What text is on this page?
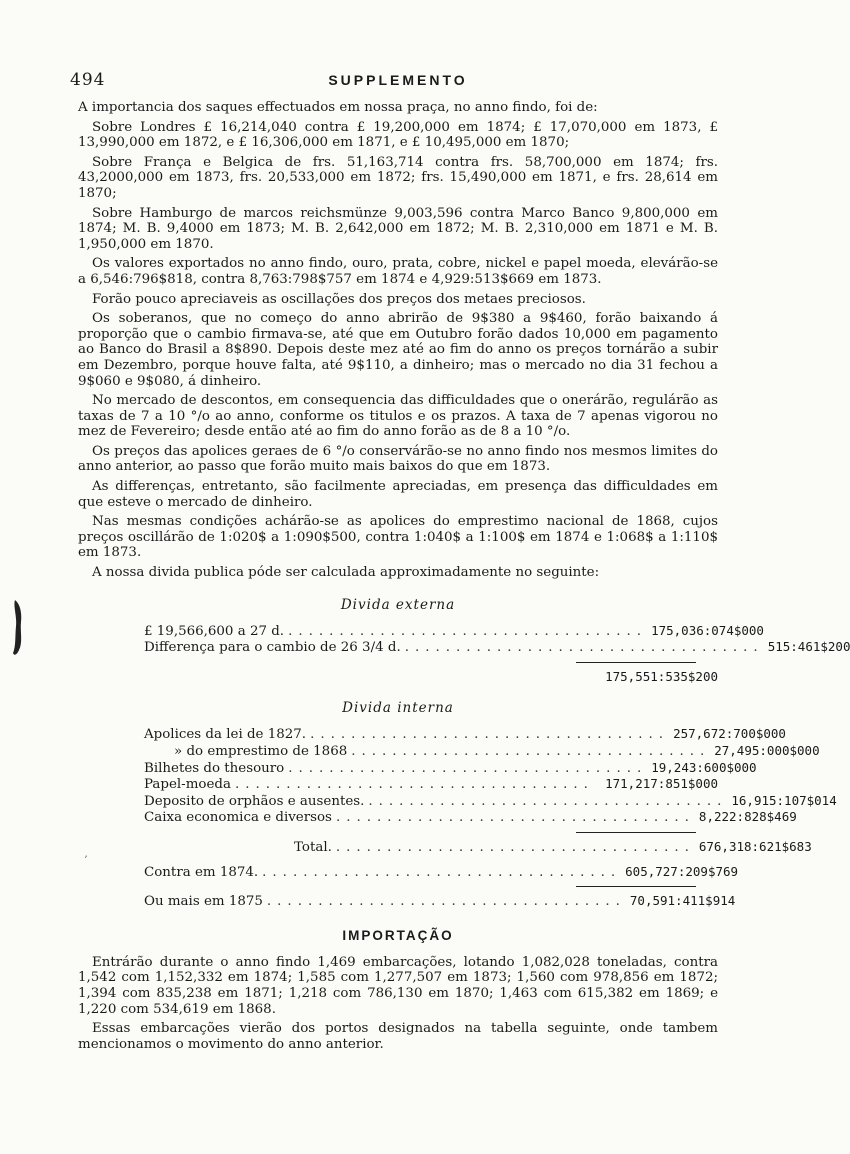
ʼ
494	SUPPLEMENTO

A importancia dos saques effectuados em nossa praça, no anno findo, foi de:

Sobre Londres £ 16,214,040 contra £ 19,200,000 em 1874; £ 17,070,000 em 1873, £ 13,990,000 em 1872, e £ 16,306,000 em 1871, e £ 10,495,000 em 1870;

Sobre França e Belgica de frs. 51,163,714 contra frs. 58,700,000 em 1874; frs. 43,2000,000 em 1873, frs. 20,533,000 em 1872; frs. 15,490,000 em 1871, e frs. 28,614 em 1870;

Sobre Hamburgo de marcos reichsmünze 9,003,596 contra Marco Banco 9,800,000 em 1874; M. B. 9,4000 em 1873; M. B. 2,642,000 em 1872; M. B. 2,310,000 em 1871 e M. B. 1,950,000 em 1870.

Os valores exportados no anno findo, ouro, prata, cobre, nickel e papel moeda, elevárão-se a 6,546:796$818, contra 8,763:798$757 em 1874 e 4,929:513$669 em 1873.

Forão pouco apreciaveis as oscillações dos preços dos metaes preciosos.

Os soberanos, que no começo do anno abrirão de 9$380 a 9$460, forão baixando á proporção que o cambio firmava-se, até que em Outubro forão dados 10,000 em pagamento ao Banco do Brasil a 8$890. Depois deste mez até ao fim do anno os preços tornárão a subir em Dezembro, porque houve falta, até 9$110, a dinheiro; mas o mercado no dia 31 fechou a 9$060 e 9$080, á dinheiro.

No mercado de descontos, em consequencia das difficuldades que o onerárão, regulárão as taxas de 7 a 10 °/o ao anno, conforme os titulos e os prazos. A taxa de 7 apenas vigorou no mez de Fevereiro; desde então até ao fim do anno forão as de 8 a 10 °/o.

Os preços das apolices geraes de 6 °/o conservárão-se no anno findo nos mesmos limites do anno anterior, ao passo que forão muito mais baixos do que em 1873.

As differenças, entretanto, são facilmente apreciadas, em presença das difficuldades em que esteve o mercado de dinheiro.

Nas mesmas condições achárão-se as apolices do emprestimo nacional de 1868, cujos preços oscillárão de 1:020$ a 1:090$500, contra 1:040$ a 1:100$ em 1874 e 1:068$ a 1:110$ em 1873.

A nossa divida publica póde ser calculada approximadamente no seguinte:

Divida externa
£ 19,566,600 a 27 d. ................................... 175,036:074$000
Differença para o cambio de 26 3/4 d. ................................... 515:461$200
175,551:535$200
Divida interna
Apolices da lei de 1827. ................................... 257,672:700$000
» do emprestimo de 1868 ................................... 27,495:000$000
Bilhetes do thesouro ................................... 19,243:600$000
Papel-moeda ................................... 171,217:851$000
Deposito de orphãos e ausentes. ................................... 16,915:107$014
Caixa economica e diversos ................................... 8,222:828$469
Total. ................................... 676,318:621$683
Contra em 1874. ................................... 605,727:209$769
Ou mais em 1875 ................................... 70,591:411$914
IMPORTAÇÃO

Entrárão durante o anno findo 1,469 embarcações, lotando 1,082,028 toneladas, contra 1,542 com 1,152,332 em 1874; 1,585 com 1,277,507 em 1873; 1,560 com 978,856 em 1872; 1,394 com 835,238 em 1871; 1,218 com 786,130 em 1870; 1,463 com 615,382 em 1869; e 1,220 com 534,619 em 1868.

Essas embarcações vierão dos portos designados na tabella seguinte, onde tambem mencionamos o movimento do anno anterior.
